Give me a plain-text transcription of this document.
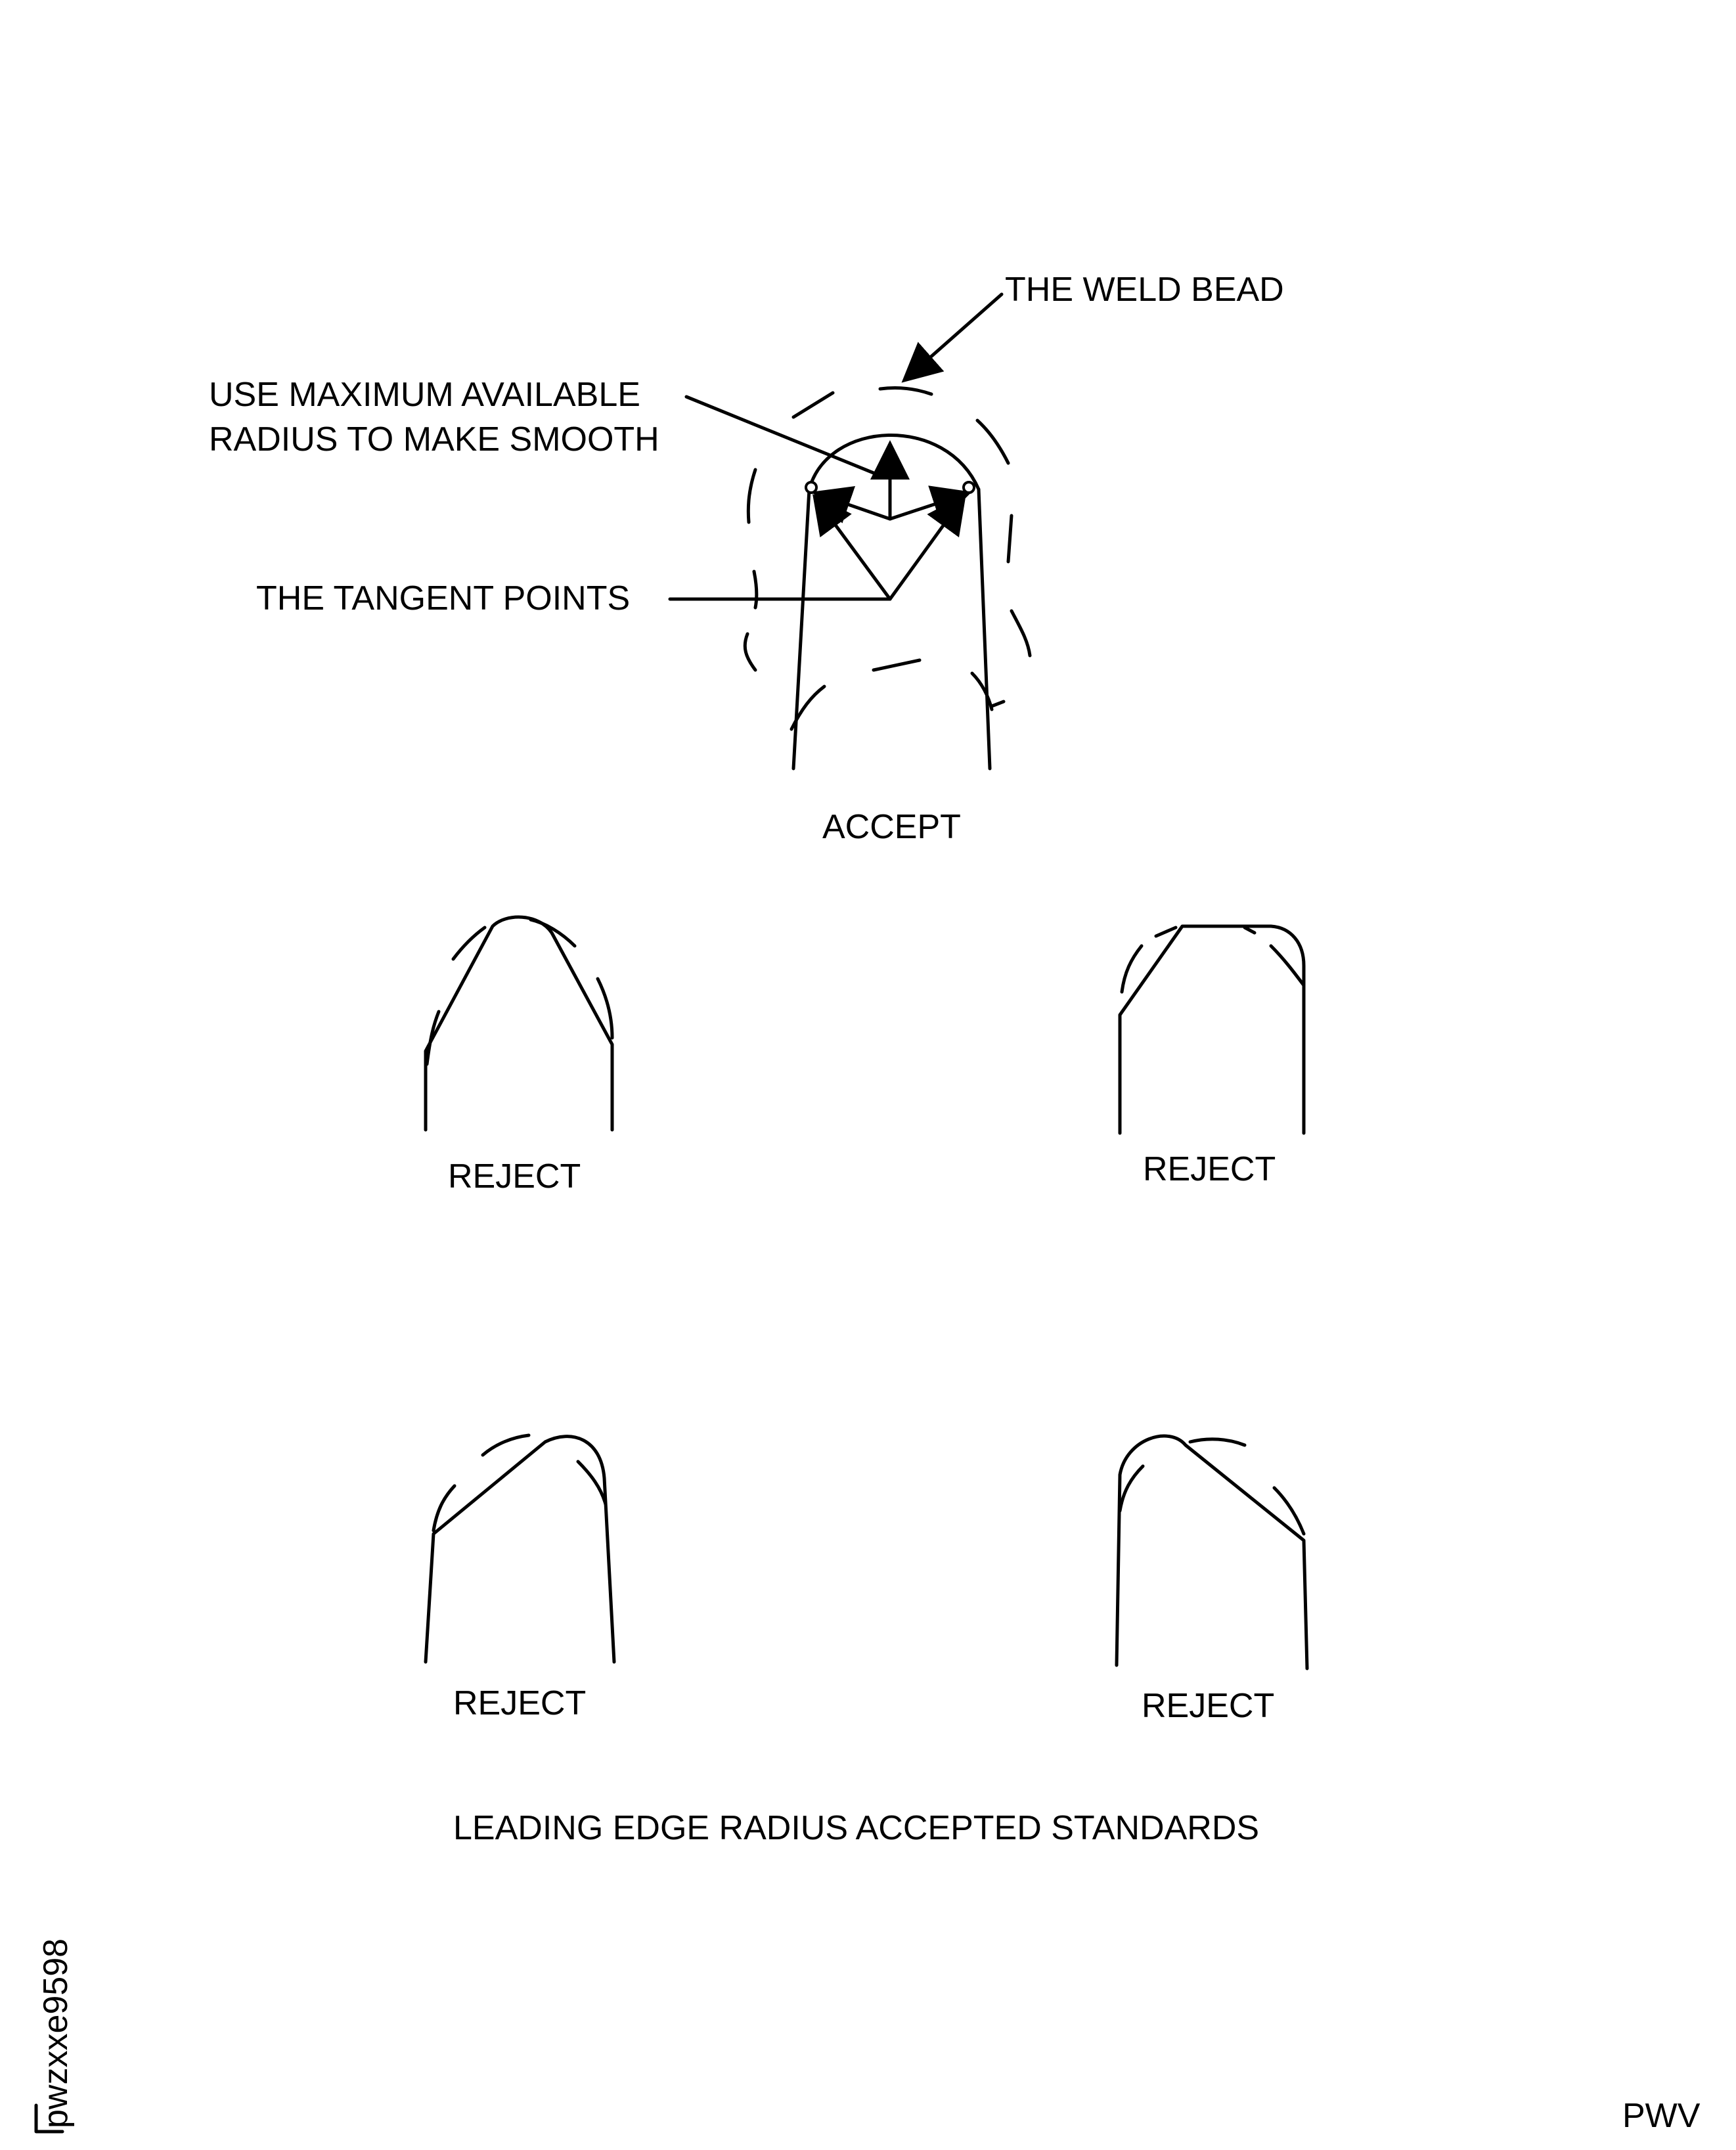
THE WELD BEAD
USE MAXIMUM AVAILABLE
RADIUS TO MAKE SMOOTH
THE TANGENT POINTS
ACCEPT
REJECT	REJECT
REJECT	REJECT
LEADING EDGE RADIUS ACCEPTED STANDARDS
PWV
pwzxxe9598
